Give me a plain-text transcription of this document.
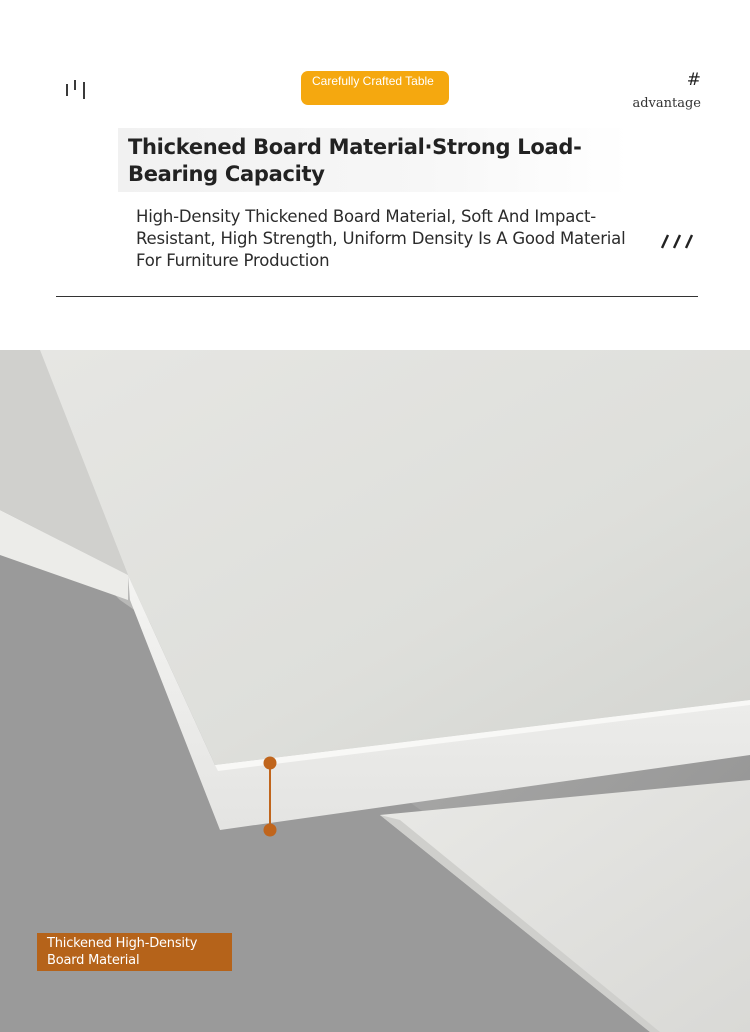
Carefully Crafted Table	#
advantage
Thickened Board Material·Strong Load-Bearing Capacity
High-Density Thickened Board Material, Soft And Impact-Resistant, High Strength, Uniform Density Is A Good Material For Furniture Production
Thickened High-Density Board Material
